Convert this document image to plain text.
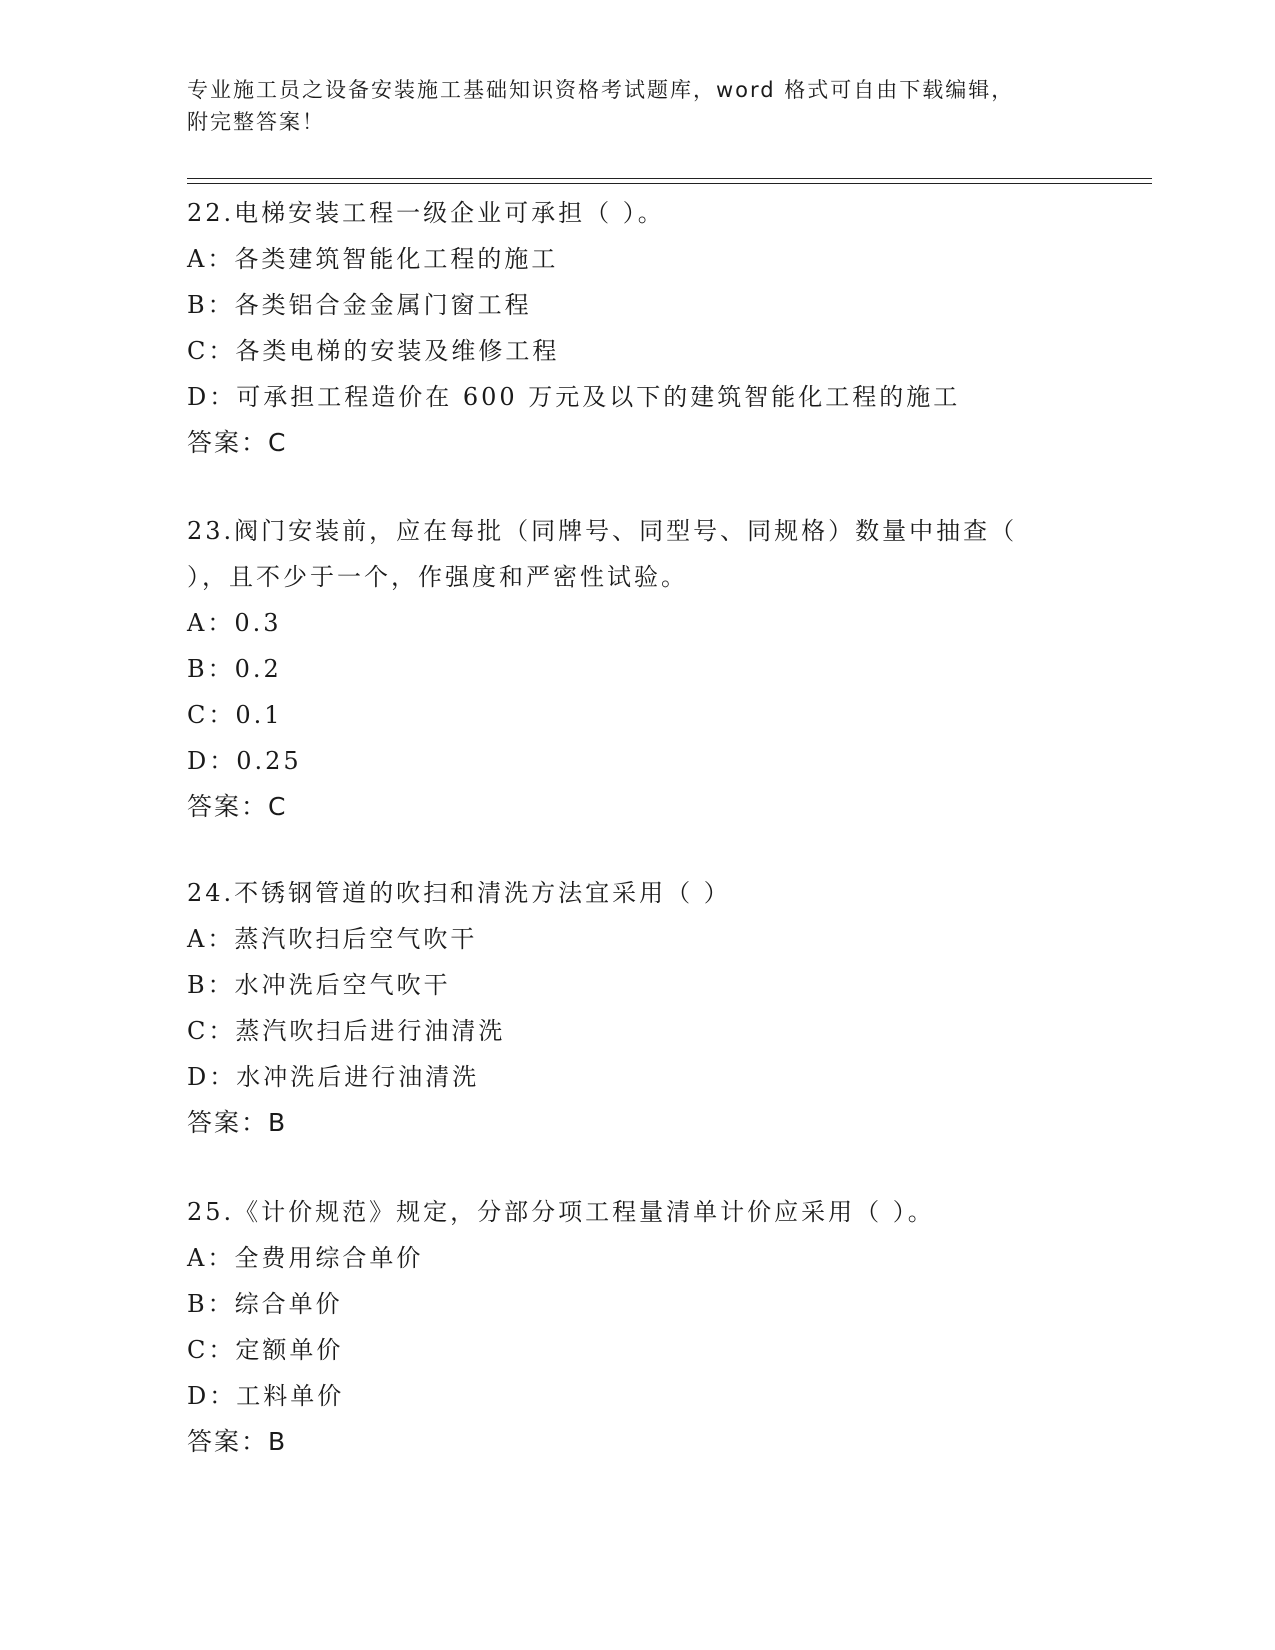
专业施工员之设备安装施工基础知识资格考试题库，word 格式可自由下载编辑，
附完整答案！
22.电梯安装工程一级企业可承担（ ）。
A：各类建筑智能化工程的施工
B：各类铝合金金属门窗工程
C：各类电梯的安装及维修工程
D：可承担工程造价在 600 万元及以下的建筑智能化工程的施工
答案：C
23.阀门安装前，应在每批（同牌号、同型号、同规格）数量中抽查（
），且不少于一个，作强度和严密性试验。
A：0.3
B：0.2
C：0.1
D：0.25
答案：C
24.不锈钢管道的吹扫和清洗方法宜采用（ ）
A：蒸汽吹扫后空气吹干
B：水冲洗后空气吹干
C：蒸汽吹扫后进行油清洗
D：水冲洗后进行油清洗
答案：B
25.《计价规范》规定，分部分项工程量清单计价应采用（ ）。
A：全费用综合单价
B：综合单价
C：定额单价
D：工料单价
答案：B
